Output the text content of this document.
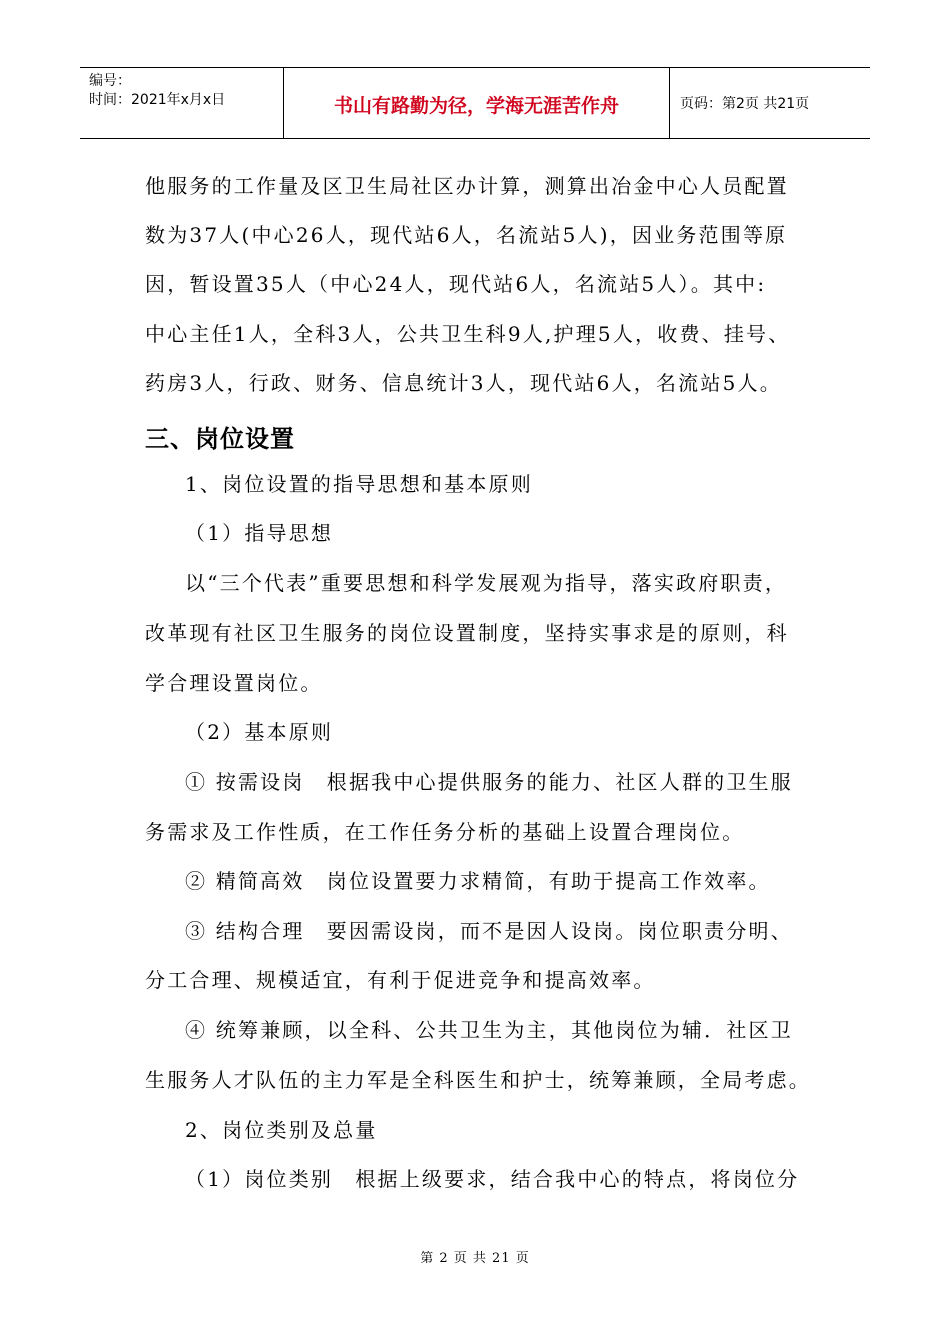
编号：
时间：2021年x月x日	书山有路勤为径，学海无涯苦作舟	页码：第2页 共21页
他服务的工作量及区卫生局社区办计算，测算出冶金中心人员配置
数为37人(中心26人，现代站6人，名流站5人)，因业务范围等原
因，暂设置35人（中心24人，现代站6人，名流站5人）。其中:
中心主任1人，全科3人，公共卫生科9人,护理5人，收费、挂号、
药房3人，行政、财务、信息统计3人，现代站6人，名流站5人。
三、岗位设置
1、岗位设置的指导思想和基本原则
（1）指导思想
以“三个代表”重要思想和科学发展观为指导，落实政府职责，
改革现有社区卫生服务的岗位设置制度，坚持实事求是的原则，科
学合理设置岗位。
（2）基本原则
① 按需设岗　根据我中心提供服务的能力、社区人群的卫生服
务需求及工作性质，在工作任务分析的基础上设置合理岗位。
② 精简高效　岗位设置要力求精简，有助于提高工作效率。
③ 结构合理　要因需设岗，而不是因人设岗。岗位职责分明、
分工合理、规模适宜，有利于促进竞争和提高效率。
④ 统筹兼顾，以全科、公共卫生为主，其他岗位为辅．社区卫
生服务人才队伍的主力军是全科医生和护士，统筹兼顾，全局考虑。
2、岗位类别及总量
（1）岗位类别　根据上级要求，结合我中心的特点，将岗位分
第 2 页 共 21 页
